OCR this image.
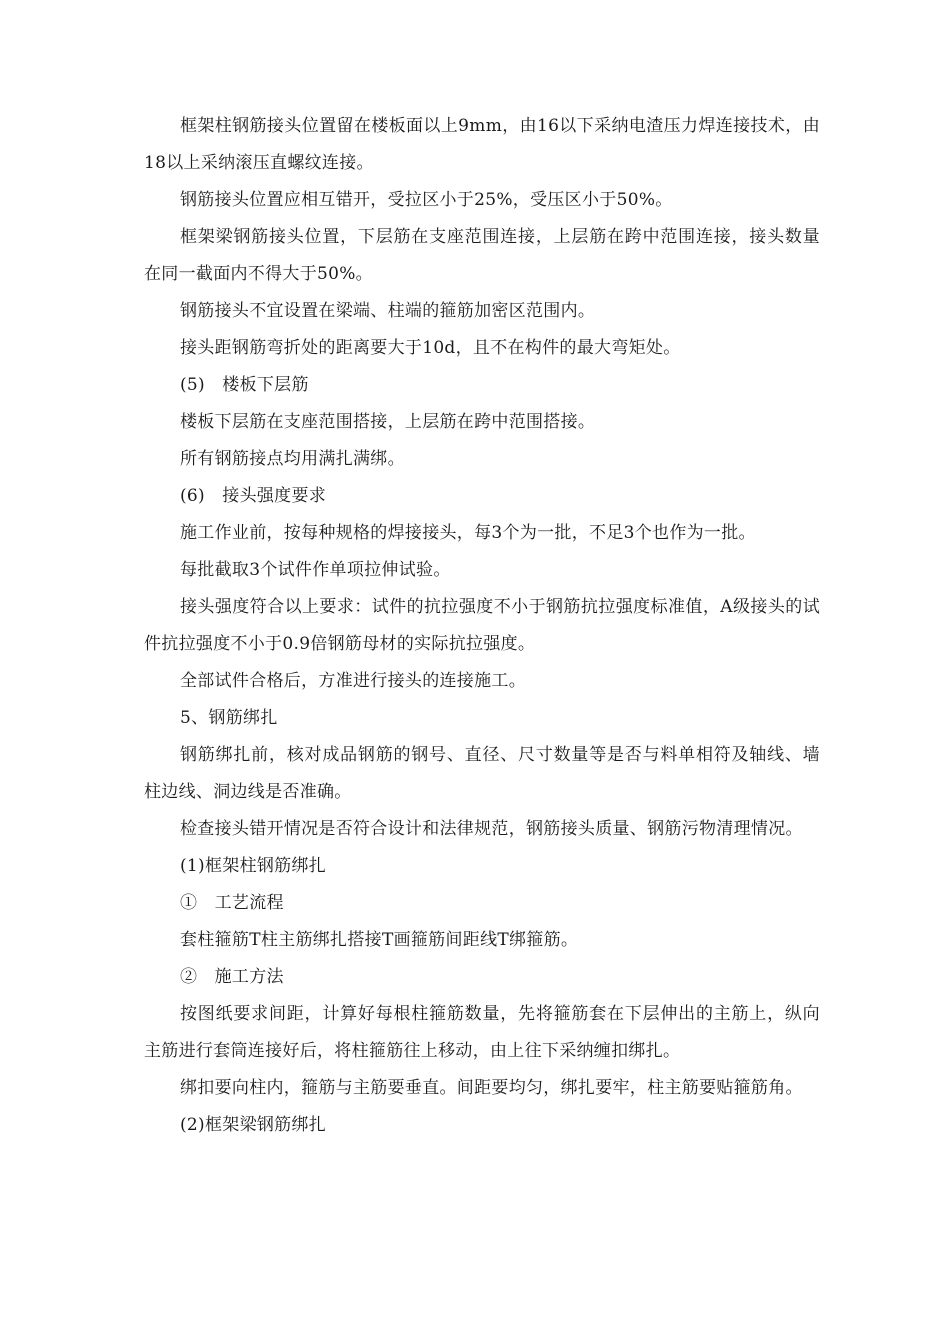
框架柱钢筋接头位置留在楼板面以上9mm，由16以下采纳电渣压力焊连接技术，由18以上采纳滚压直螺纹连接。

钢筋接头位置应相互错开，受拉区小于25%，受压区小于50%。

框架梁钢筋接头位置，下层筋在支座范围连接，上层筋在跨中范围连接，接头数量在同一截面内不得大于50%。

钢筋接头不宜设置在梁端、柱端的箍筋加密区范围内。

接头距钢筋弯折处的距离要大于10d，且不在构件的最大弯矩处。

(5)　楼板下层筋

楼板下层筋在支座范围搭接，上层筋在跨中范围搭接。

所有钢筋接点均用满扎满绑。

(6)　接头强度要求

施工作业前，按每种规格的焊接接头，每3个为一批，不足3个也作为一批。

每批截取3个试件作单项拉伸试验。

接头强度符合以上要求：试件的抗拉强度不小于钢筋抗拉强度标准值，A级接头的试件抗拉强度不小于0.9倍钢筋母材的实际抗拉强度。

全部试件合格后，方准进行接头的连接施工。

5、钢筋绑扎

钢筋绑扎前，核对成品钢筋的钢号、直径、尺寸数量等是否与料单相符及轴线、墙柱边线、洞边线是否准确。

检查接头错开情况是否符合设计和法律规范，钢筋接头质量、钢筋污物清理情况。

(1)框架柱钢筋绑扎

①　工艺流程

套柱箍筋T柱主筋绑扎搭接T画箍筋间距线T绑箍筋。

②　施工方法

按图纸要求间距，计算好每根柱箍筋数量，先将箍筋套在下层伸出的主筋上，纵向主筋进行套筒连接好后，将柱箍筋往上移动，由上往下采纳缠扣绑扎。

绑扣要向柱内，箍筋与主筋要垂直。间距要均匀，绑扎要牢，柱主筋要贴箍筋角。

(2)框架梁钢筋绑扎
